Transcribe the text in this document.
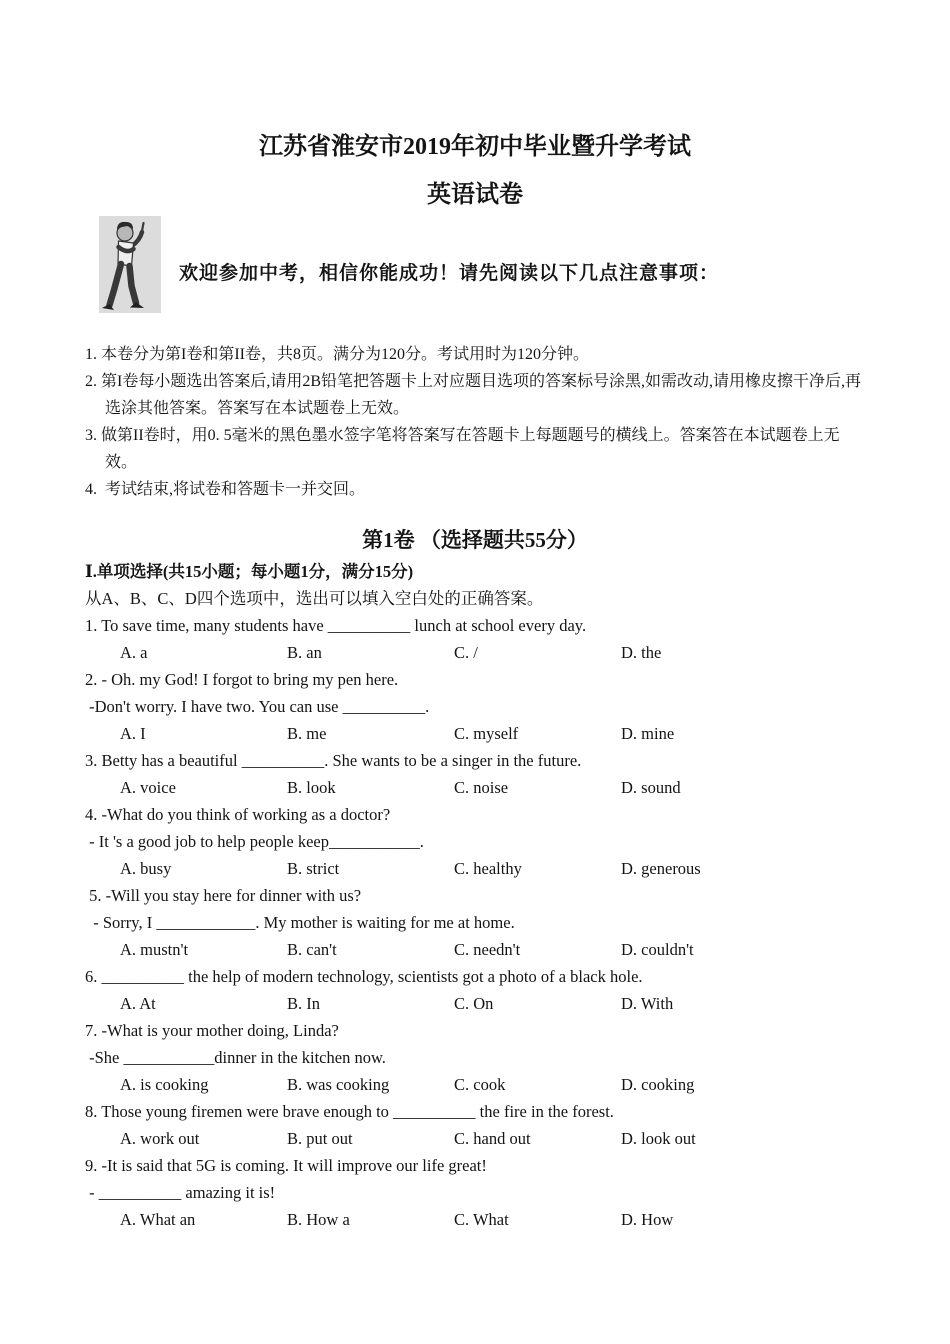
江苏省淮安市2019年初中毕业暨升学考试
英语试卷
欢迎参加中考，相信你能成功！请先阅读以下几点注意事项：
1. 本卷分为第I卷和第II卷，共8页。满分为120分。考试用时为120分钟。
2. 第I卷每小题选出答案后,请用2B铅笔把答题卡上对应题目选项的答案标号涂黑,如需改动,请用橡皮擦干净后,再选涂其他答案。答案写在本试题卷上无效。
3. 做第II卷时，用0. 5毫米的黑色墨水签字笔将答案写在答题卡上每题题号的横线上。答案答在本试题卷上无效。
4.  考试结束,将试卷和答题卡一并交回。
第1卷 （选择题共55分）
Ⅰ.单项选择(共15小题；每小题1分，满分15分)
从A、B、C、D四个选项中，选出可以填入空白处的正确答案。
1. To save time, many students have __________ lunch at school every day.
A. a	B. an	C. /	D. the
2. - Oh. my God! I forgot to bring my pen here.
-Don't worry. I have two. You can use __________.
A. I	B. me	C. myself	D. mine
3. Betty has a beautiful __________. She wants to be a singer in the future.
A. voice	B. look	C. noise	D. sound
4. -What do you think of working as a doctor?
- It 's a good job to help people keep___________.
A. busy	B. strict	C. healthy	D. generous
5. -Will you stay here for dinner with us?
- Sorry, I ____________. My mother is waiting for me at home.
A. mustn't	B. can't	C. needn't	D. couldn't
6. __________ the help of modern technology, scientists got a photo of a black hole.
A. At	B. In	C. On	D. With
7. -What is your mother doing, Linda?
-She ___________dinner in the kitchen now.
A. is cooking	B. was cooking	C. cook	D. cooking
8. Those young firemen were brave enough to __________ the fire in the forest.
A. work out	B. put out	C. hand out	D. look out
9. -It is said that 5G is coming. It will improve our life great!
- __________ amazing it is!
A. What an	B. How a	C. What	D. How
